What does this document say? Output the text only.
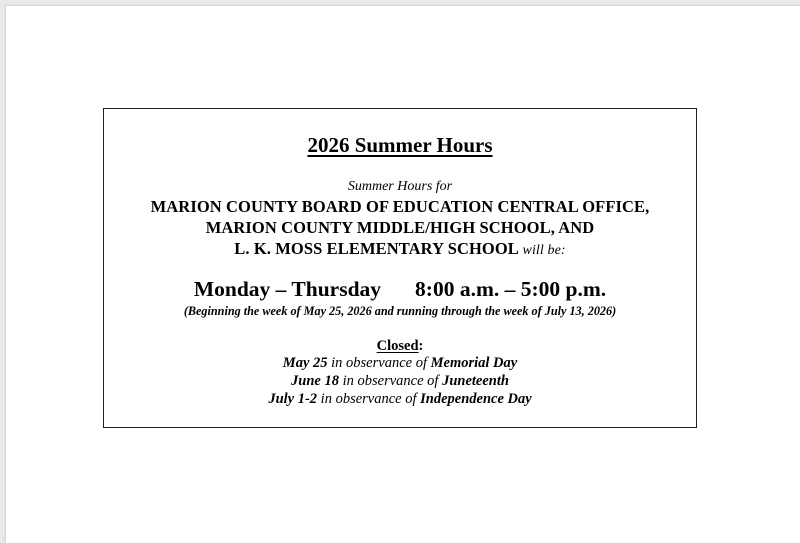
2026 Summer Hours
Summer Hours for
MARION COUNTY BOARD OF EDUCATION CENTRAL OFFICE,
MARION COUNTY MIDDLE/HIGH SCHOOL, AND
L. K. MOSS ELEMENTARY SCHOOL will be:
Monday – Thursday 8:00 a.m. – 5:00 p.m.
(Beginning the week of May 25, 2026 and running through the week of July 13, 2026)
Closed:
May 25 in observance of Memorial Day
June 18 in observance of Juneteenth
July 1-2 in observance of Independence Day
